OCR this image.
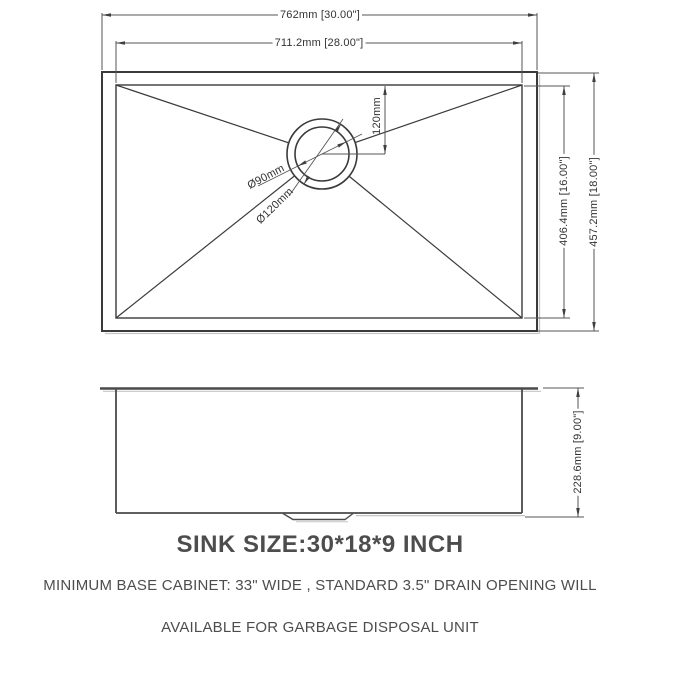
762mm [30.00"]
711.2mm [28.00"]
406.4mm [16.00"] 457.2mm [18.00"]
120mm
Ø90mm
Ø120mm
228.6mm [9.00"]
SINK SIZE:30*18*9 INCH
MINIMUM BASE CABINET: 33" WIDE , STANDARD 3.5" DRAIN OPENING WILL
AVAILABLE FOR GARBAGE DISPOSAL UNIT
